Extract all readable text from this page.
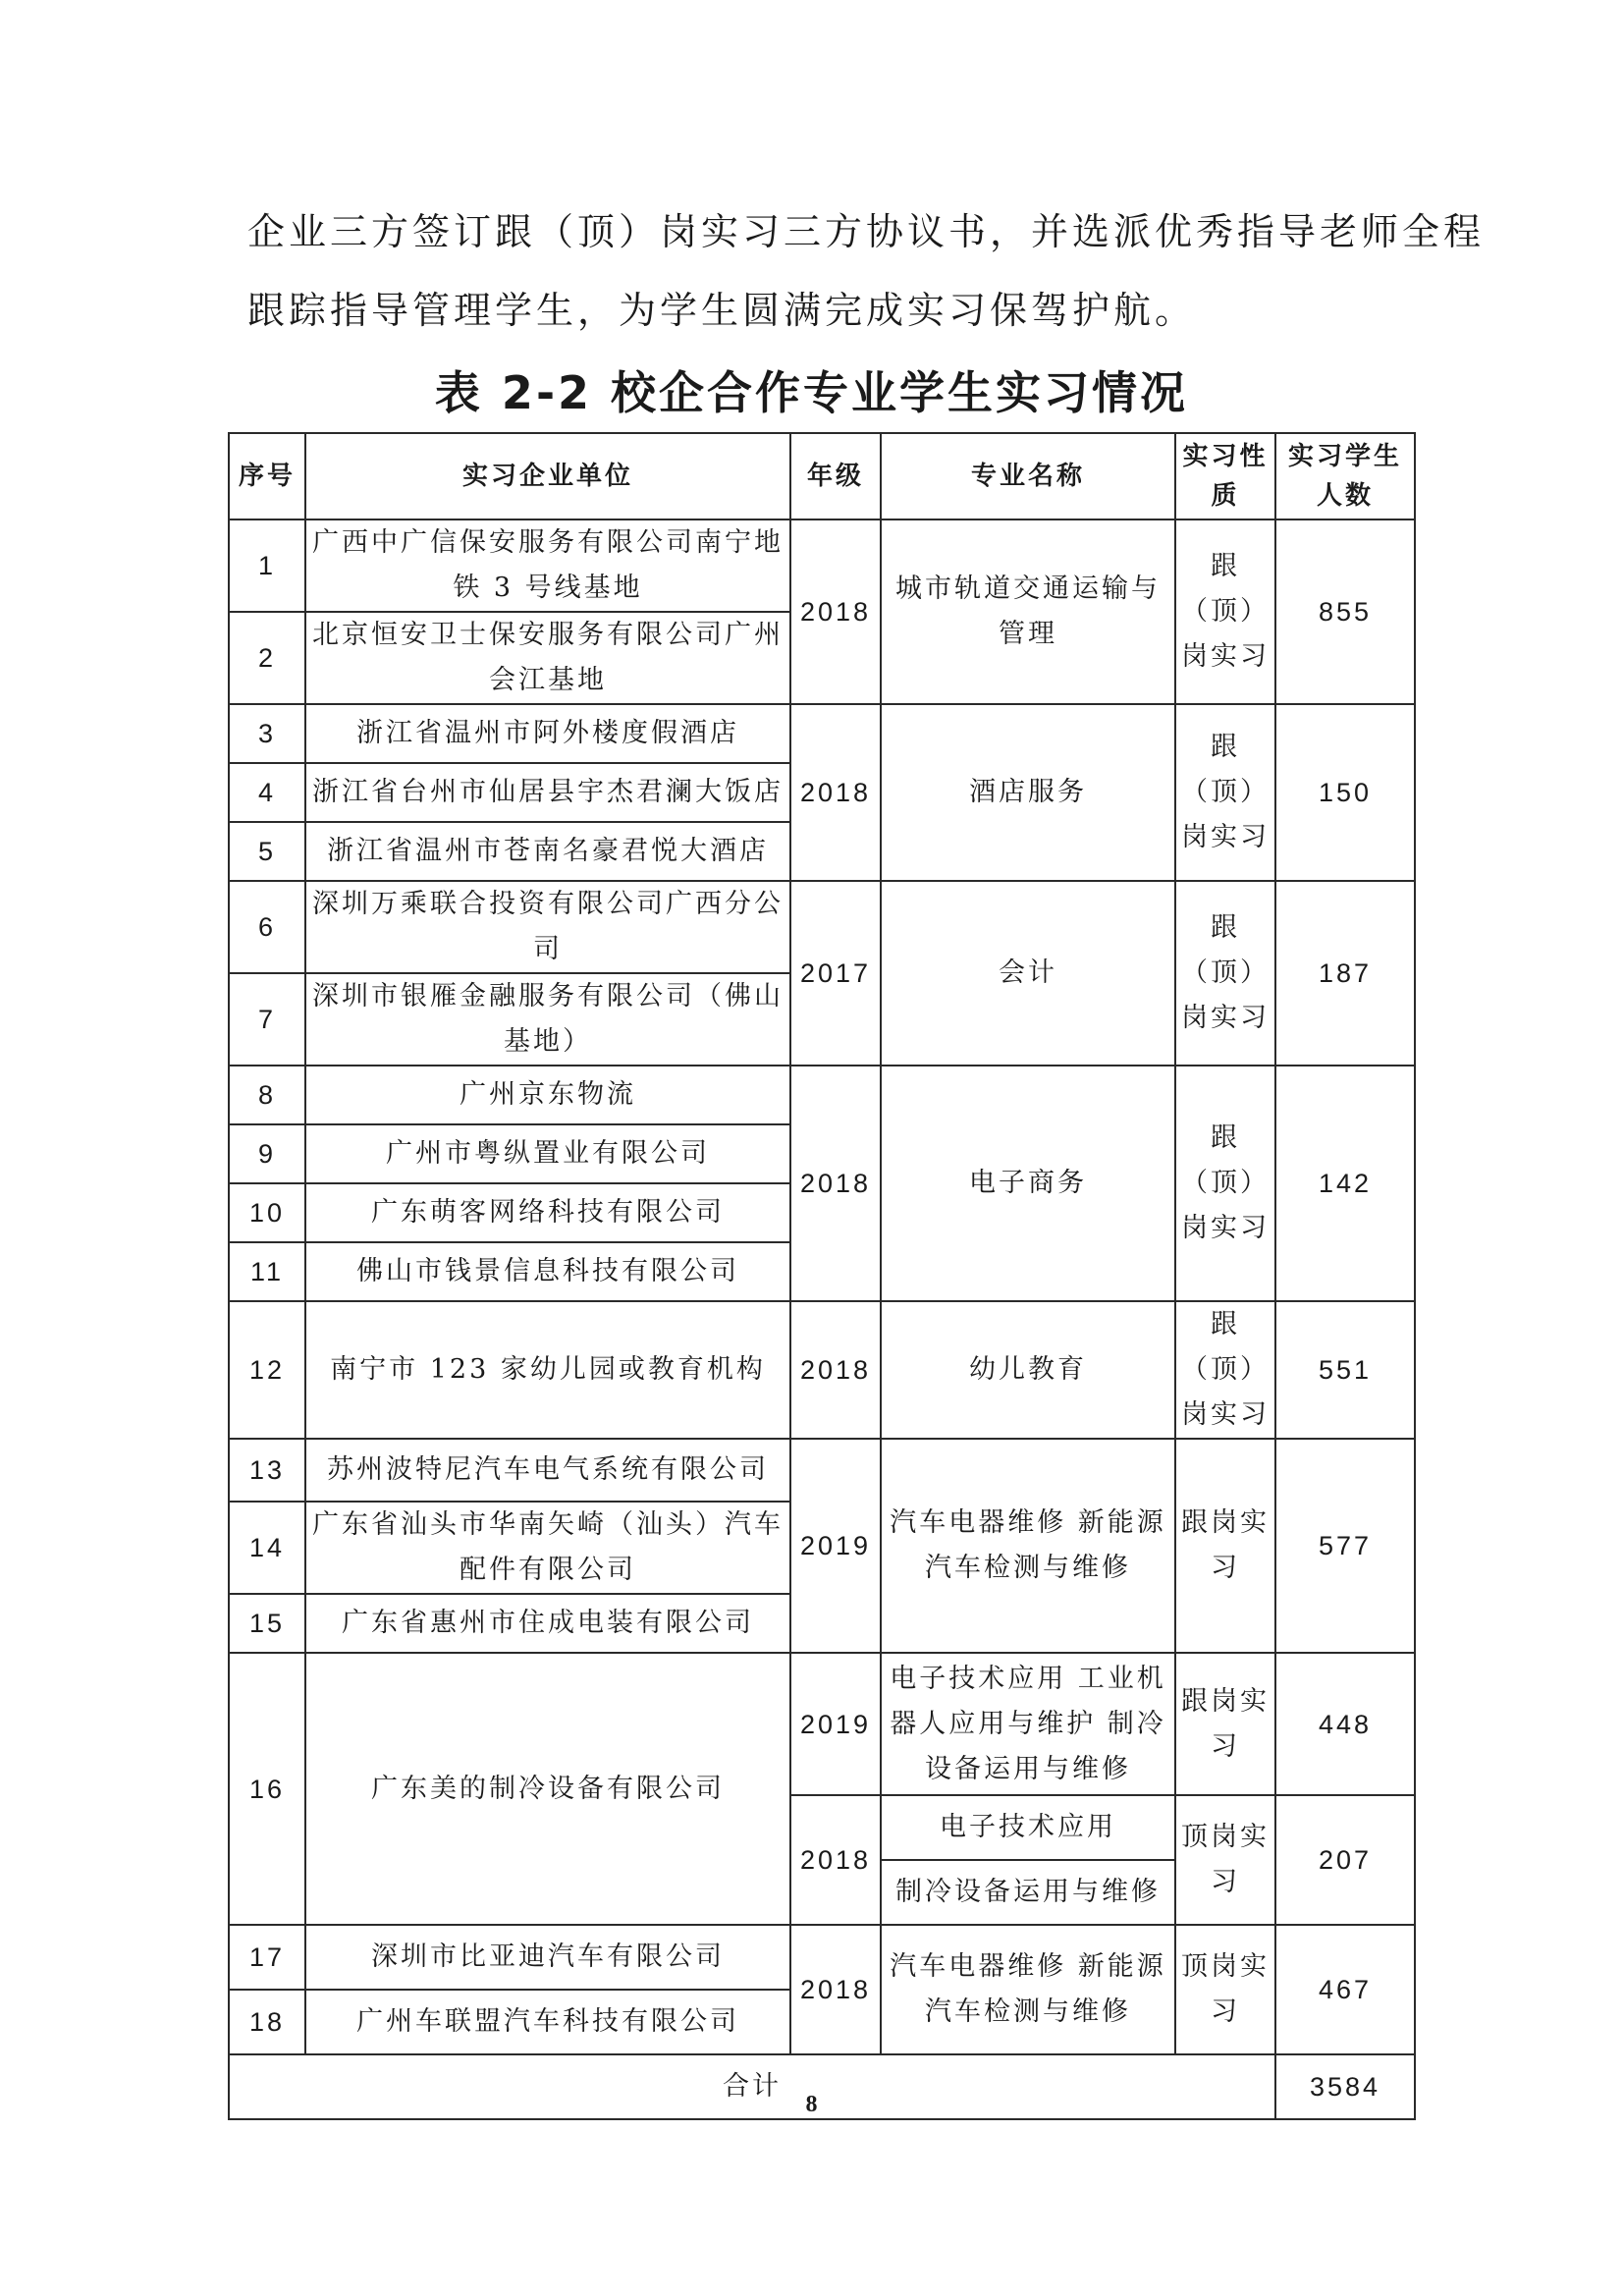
企业三方签订跟（顶）岗实习三方协议书，并选派优秀指导老师全程
跟踪指导管理学生，为学生圆满完成实习保驾护航。
表 2-2 校企合作专业学生实习情况
序号	实习企业单位	年级	专业名称	实习性质	实习学生人数
1	广西中广信保安服务有限公司南宁地铁 3 号线基地	2018	城市轨道交通运输与管理	跟（顶）岗实习	855
2	北京恒安卫士保安服务有限公司广州会江基地				
3	浙江省温州市阿外楼度假酒店	2018	酒店服务	跟（顶）岗实习	150
4	浙江省台州市仙居县宇杰君澜大饭店				
5	浙江省温州市苍南名豪君悦大酒店				
6	深圳万乘联合投资有限公司广西分公司	2017	会计	跟（顶）岗实习	187
7	深圳市银雁金融服务有限公司（佛山基地）				
8	广州京东物流	2018	电子商务	跟（顶）岗实习	142
9	广州市粤纵置业有限公司				
10	广东萌客网络科技有限公司				
11	佛山市钱景信息科技有限公司				
12	南宁市 123 家幼儿园或教育机构	2018	幼儿教育	跟（顶）岗实习	551
13	苏州波特尼汽车电气系统有限公司	2019	汽车电器维修 新能源汽车检测与维修	跟岗实习	577
14	广东省汕头市华南矢崎（汕头）汽车配件有限公司				
15	广东省惠州市住成电装有限公司				
16	广东美的制冷设备有限公司	2019	电子技术应用 工业机器人应用与维护 制冷设备运用与维修	跟岗实习	448
		2018	电子技术应用	顶岗实习	207
			制冷设备运用与维修		
17	深圳市比亚迪汽车有限公司	2018	汽车电器维修 新能源汽车检测与维修	顶岗实习	467
18	广州车联盟汽车科技有限公司				
合计					3584
8
